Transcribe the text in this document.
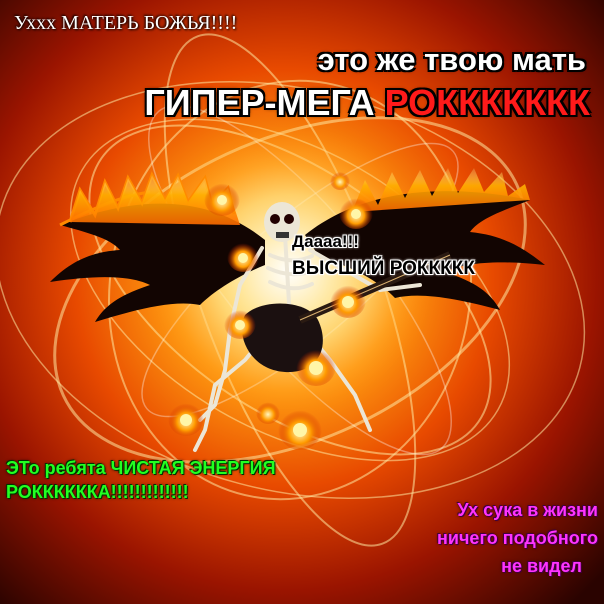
Уххх МАТЕРЬ БОЖЬЯ!!!!
это же твою мать
ГИПЕР-МЕГА РОККККККК
Даааа!!!
ВЫСШИЙ РОККККК
ЭТо ребята ЧИСТАЯ ЭНЕРГИЯ
РОККККККА!!!!!!!!!!!!!
Ух сука в жизни
ничего подобного
не видел
